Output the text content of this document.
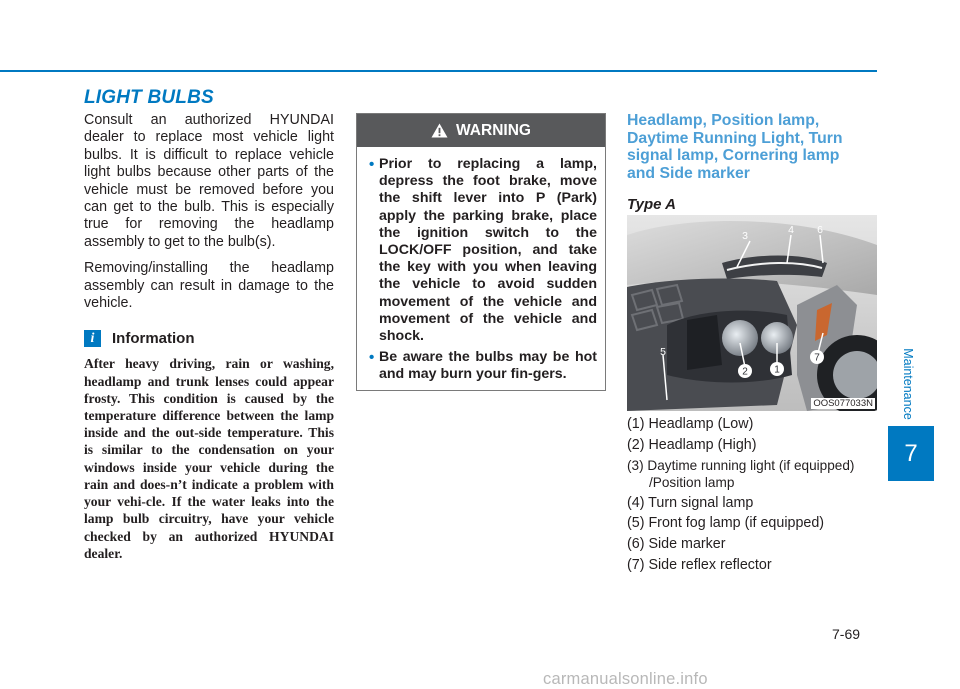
LIGHT BULBS

Consult an authorized HYUNDAI dealer to replace most vehicle light bulbs. It is difficult to replace vehicle light bulbs because other parts of the vehicle must be removed before you can get to the bulb. This is especially true for removing the headlamp assembly to get to the bulb(s).

Removing/installing the headlamp assembly can result in damage to the vehicle.

i	Information

After heavy driving, rain or washing, headlamp and trunk lenses could appear frosty. This condition is caused by the temperature difference between the lamp inside and the out-side temperature. This is similar to the condensation on your windows inside your vehicle during the rain and does-n’t indicate a problem with your vehi-cle. If the water leaks into the lamp bulb circuitry, have your vehicle checked by an authorized HYUNDAI dealer.

WARNING
• Prior to replacing a lamp, depress the foot brake, move the shift lever into P (Park) apply the parking brake, place the ignition switch to the LOCK/OFF position, and take the key with you when leaving the vehicle to avoid sudden movement of the vehicle and movement of the vehicle and shock.
• Be aware the bulbs may be hot and may burn your fin-gers.

Headlamp, Position lamp,
Daytime Running Light, Turn
signal lamp, Cornering lamp
and Side marker

Type A
3	4 6
5
2	1
7
OOS077033N
(1) Headlamp (Low)
(2) Headlamp (High)
(3) Daytime running light (if equipped)
/Position lamp
(4) Turn signal lamp
(5) Front fog lamp (if equipped)
(6) Side marker
(7) Side reflex reflector
Maintenance
7
7-69
carmanualsonline.info
